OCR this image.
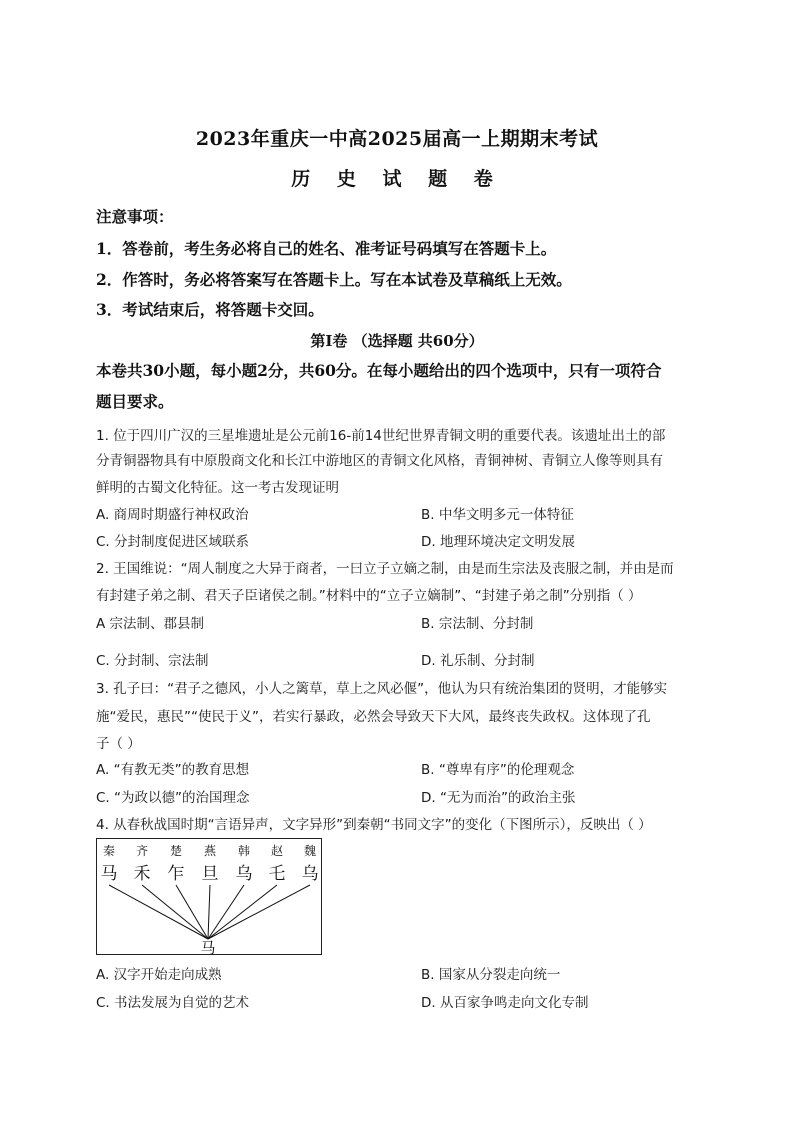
2023年重庆一中高2025届高一上期期末考试
历 史 试 题 卷
注意事项：
1．答卷前，考生务必将自己的姓名、准考证号码填写在答题卡上。
2．作答时，务必将答案写在答题卡上。写在本试卷及草稿纸上无效。
3．考试结束后，将答题卡交回。
第Ⅰ卷 （选择题 共60分）
本卷共30小题，每小题2分，共60分。在每小题给出的四个选项中，只有一项符合
题目要求。
1. 位于四川广汉的三星堆遗址是公元前16-前14世纪世界青铜文明的重要代表。该遗址出土的部
分青铜器物具有中原殷商文化和长江中游地区的青铜文化风格，青铜神树、青铜立人像等则具有
鲜明的古蜀文化特征。这一考古发现证明
A. 商周时期盛行神权政治	B. 中华文明多元一体特征
C. 分封制度促进区域联系	D. 地理环境决定文明发展
2. 王国维说：“周人制度之大异于商者，一曰立子立嫡之制，由是而生宗法及丧服之制，并由是而
有封建子弟之制、君天子臣诸侯之制。”材料中的“立子立嫡制”、“封建子弟之制”分别指（ ）
A 宗法制、郡县制	B. 宗法制、分封制
C. 分封制、宗法制	D. 礼乐制、分封制
3. 孔子曰：“君子之德风，小人之篱草，草上之风必偃”，他认为只有统治集团的贤明，才能够实
施“爱民，惠民”“使民于义”，若实行暴政，必然会导致天下大风，最终丧失政权。这体现了孔
子（ ）
A. “有教无类”的教育思想	B. “尊卑有序”的伦理观念
C. “为政以德”的治国理念	D. “无为而治”的政治主张
4. 从春秋战国时期“言语异声，文字异形”到秦朝“书同文字”的变化（下图所示），反映出（ ）
秦 齐 楚 燕 韩 赵 魏
马 禾 乍 旦 乌 乇 乌
马
A. 汉字开始走向成熟	B. 国家从分裂走向统一
C. 书法发展为自觉的艺术	D. 从百家争鸣走向文化专制
